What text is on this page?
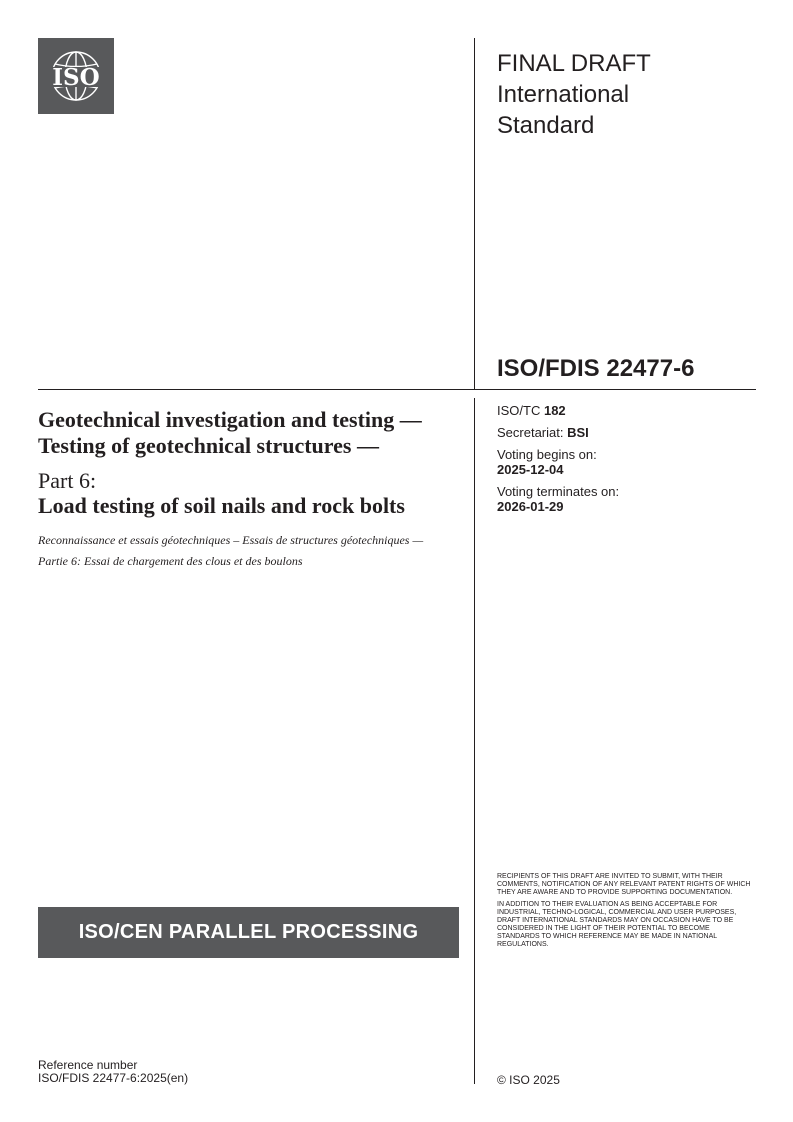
ISO
FINAL DRAFT
International
Standard
ISO/FDIS 22477-6
Geotechnical investigation and testing — Testing of geotechnical structures —
Part 6:
Load testing of soil nails and rock bolts
Reconnaissance et essais géotechniques – Essais de structures géotechniques —
Partie 6: Essai de chargement des clous et des boulons
ISO/TC 182
Secretariat: BSI
Voting begins on:
2025-12-04
Voting terminates on:
2026-01-29

RECIPIENTS OF THIS DRAFT ARE INVITED TO SUBMIT, WITH THEIR COMMENTS, NOTIFICATION OF ANY RELEVANT PATENT RIGHTS OF WHICH THEY ARE AWARE AND TO PROVIDE SUPPORTING DOCUMENTATION.

IN ADDITION TO THEIR EVALUATION AS BEING ACCEPTABLE FOR INDUSTRIAL, TECHNO-LOGICAL, COMMERCIAL AND USER PURPOSES, DRAFT INTERNATIONAL STANDARDS MAY ON OCCASION HAVE TO BE CONSIDERED IN THE LIGHT OF THEIR POTENTIAL TO BECOME STANDARDS TO WHICH REFERENCE MAY BE MADE IN NATIONAL REGULATIONS.

ISO/CEN PARALLEL PROCESSING
Reference number
ISO/FDIS 22477-6:2025(en)	© ISO 2025
